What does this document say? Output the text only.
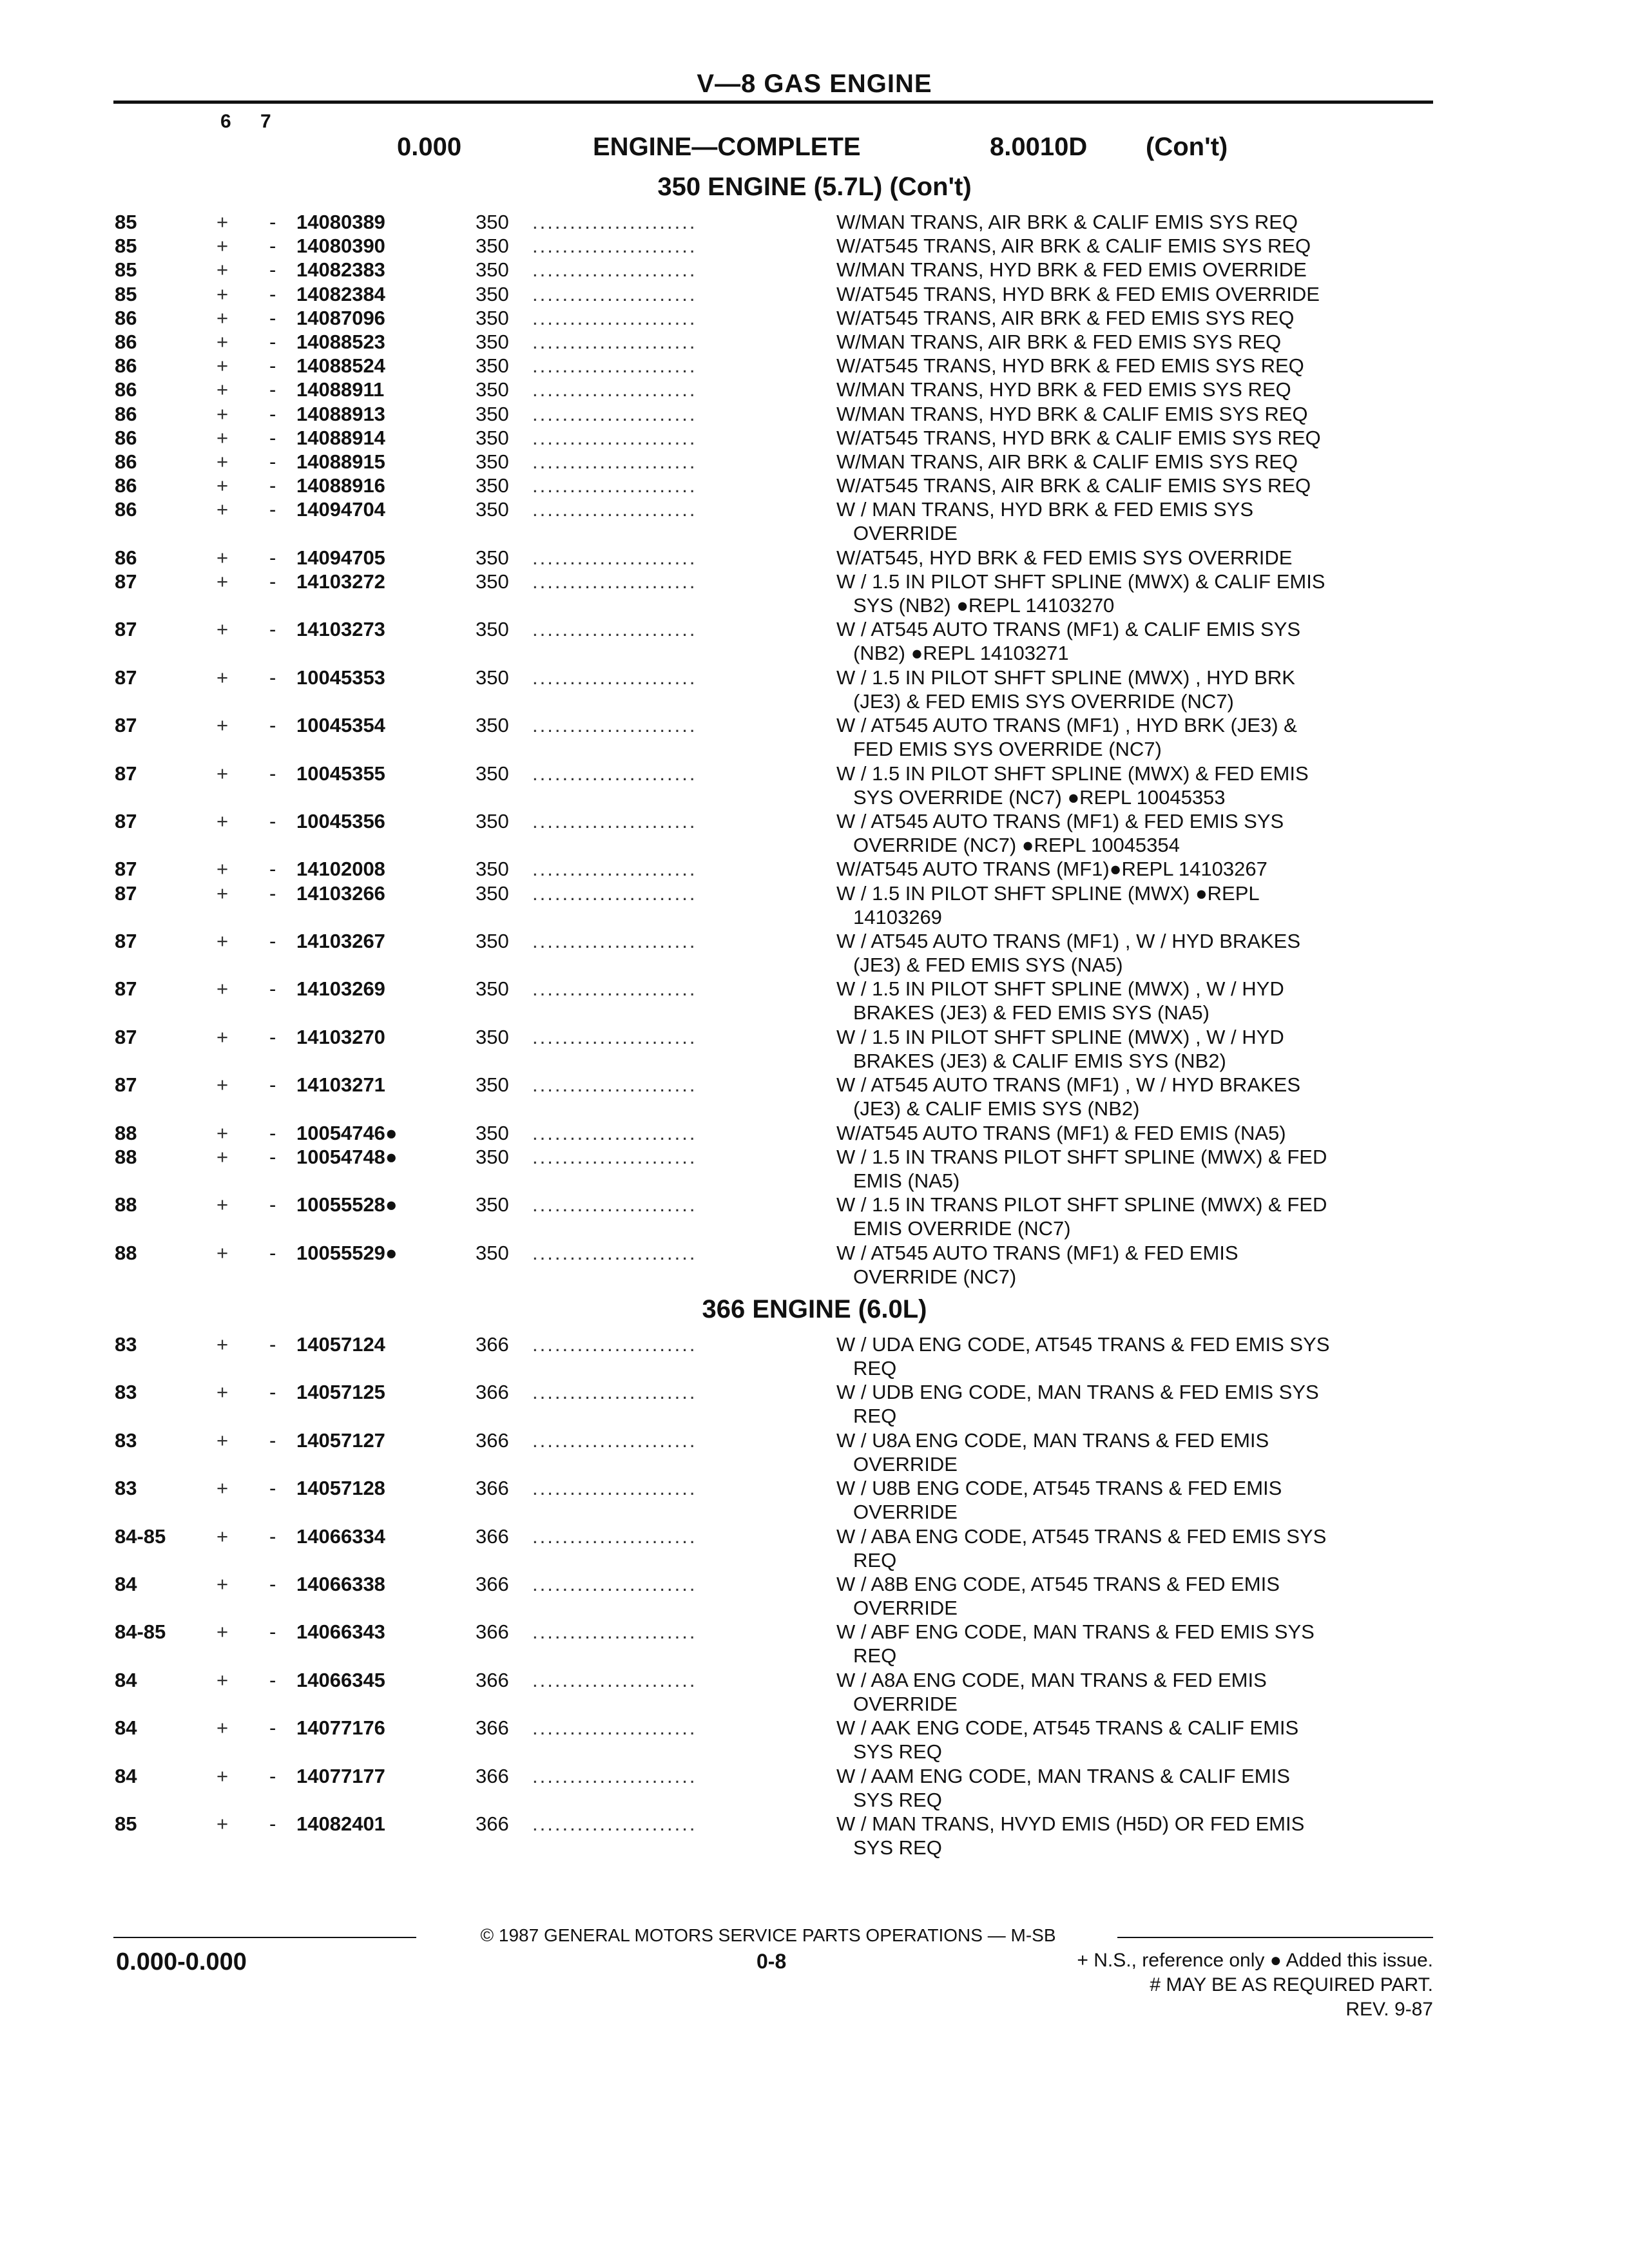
V—8 GAS ENGINE
6 7
0.000	ENGINE—COMPLETE	8.0010D (Con't)
350 ENGINE (5.7L) (Con't)
85	+ - 14080389	350 ......................	W/MAN TRANS, AIR BRK & CALIF EMIS SYS REQ
85	+ - 14080390	350 ......................	W/AT545 TRANS, AIR BRK & CALIF EMIS SYS REQ
85	+ - 14082383	350 ......................	W/MAN TRANS, HYD BRK & FED EMIS OVERRIDE
85	+ - 14082384	350 ......................	W/AT545 TRANS, HYD BRK & FED EMIS OVERRIDE
86	+ - 14087096	350 ......................	W/AT545 TRANS, AIR BRK & FED EMIS SYS REQ
86	+ - 14088523	350 ......................	W/MAN TRANS, AIR BRK & FED EMIS SYS REQ
86	+ - 14088524	350 ......................	W/AT545 TRANS, HYD BRK & FED EMIS SYS REQ
86	+ - 14088911	350 ......................	W/MAN TRANS, HYD BRK & FED EMIS SYS REQ
86	+ - 14088913	350 ......................	W/MAN TRANS, HYD BRK & CALIF EMIS SYS REQ
86	+ - 14088914	350 ......................	W/AT545 TRANS, HYD BRK & CALIF EMIS SYS REQ
86	+ - 14088915	350 ......................	W/MAN TRANS, AIR BRK & CALIF EMIS SYS REQ
86	+ - 14088916	350 ......................	W/AT545 TRANS, AIR BRK & CALIF EMIS SYS REQ
86	+ - 14094704	350 ......................	W / MAN TRANS, HYD BRK & FED EMIS SYS
OVERRIDE
86	+ - 14094705	350 ......................	W/AT545, HYD BRK & FED EMIS SYS OVERRIDE
87	+ - 14103272	350 ......................	W / 1.5 IN PILOT SHFT SPLINE (MWX) & CALIF EMIS
SYS (NB2) ●REPL 14103270
87	+ - 14103273	350 ......................	W / AT545 AUTO TRANS (MF1) & CALIF EMIS SYS
(NB2) ●REPL 14103271
87	+ - 10045353	350 ......................	W / 1.5 IN PILOT SHFT SPLINE (MWX) , HYD BRK
(JE3) & FED EMIS SYS OVERRIDE (NC7)
87	+ - 10045354	350 ......................	W / AT545 AUTO TRANS (MF1) , HYD BRK (JE3) &
FED EMIS SYS OVERRIDE (NC7)
87	+ - 10045355	350 ......................	W / 1.5 IN PILOT SHFT SPLINE (MWX) & FED EMIS
SYS OVERRIDE (NC7) ●REPL 10045353
87	+ - 10045356	350 ......................	W / AT545 AUTO TRANS (MF1) & FED EMIS SYS
OVERRIDE (NC7) ●REPL 10045354
87	+ - 14102008	350 ......................	W/AT545 AUTO TRANS (MF1)●REPL 14103267
87	+ - 14103266	350 ......................	W / 1.5 IN PILOT SHFT SPLINE (MWX) ●REPL
14103269
87	+ - 14103267	350 ......................	W / AT545 AUTO TRANS (MF1) , W / HYD BRAKES
(JE3) & FED EMIS SYS (NA5)
87	+ - 14103269	350 ......................	W / 1.5 IN PILOT SHFT SPLINE (MWX) , W / HYD
BRAKES (JE3) & FED EMIS SYS (NA5)
87	+ - 14103270	350 ......................	W / 1.5 IN PILOT SHFT SPLINE (MWX) , W / HYD
BRAKES (JE3) & CALIF EMIS SYS (NB2)
87	+ - 14103271	350 ......................	W / AT545 AUTO TRANS (MF1) , W / HYD BRAKES
(JE3) & CALIF EMIS SYS (NB2)
88	+ - 10054746●	350 ......................	W/AT545 AUTO TRANS (MF1) & FED EMIS (NA5)
88	+ - 10054748●	350 ......................	W / 1.5 IN TRANS PILOT SHFT SPLINE (MWX) & FED
EMIS (NA5)
88	+ - 10055528●	350 ......................	W / 1.5 IN TRANS PILOT SHFT SPLINE (MWX) & FED
EMIS OVERRIDE (NC7)
88	+ - 10055529●	350 ......................	W / AT545 AUTO TRANS (MF1) & FED EMIS
OVERRIDE (NC7)
366 ENGINE (6.0L)
83	+ - 14057124	366 ......................	W / UDA ENG CODE, AT545 TRANS & FED EMIS SYS
REQ
83	+ - 14057125	366 ......................	W / UDB ENG CODE, MAN TRANS & FED EMIS SYS
REQ
83	+ - 14057127	366 ......................	W / U8A ENG CODE, MAN TRANS & FED EMIS
OVERRIDE
83	+ - 14057128	366 ......................	W / U8B ENG CODE, AT545 TRANS & FED EMIS
OVERRIDE
84-85	+ - 14066334	366 ......................	W / ABA ENG CODE, AT545 TRANS & FED EMIS SYS
REQ
84	+ - 14066338	366 ......................	W / A8B ENG CODE, AT545 TRANS & FED EMIS
OVERRIDE
84-85	+ - 14066343	366 ......................	W / ABF ENG CODE, MAN TRANS & FED EMIS SYS
REQ
84	+ - 14066345	366 ......................	W / A8A ENG CODE, MAN TRANS & FED EMIS
OVERRIDE
84	+ - 14077176	366 ......................	W / AAK ENG CODE, AT545 TRANS & CALIF EMIS
SYS REQ
84	+ - 14077177	366 ......................	W / AAM ENG CODE, MAN TRANS & CALIF EMIS
SYS REQ
85	+ - 14082401	366 ......................	W / MAN TRANS, HVYD EMIS (H5D) OR FED EMIS
SYS REQ
© 1987 GENERAL MOTORS SERVICE PARTS OPERATIONS — M-SB
0.000-0.000	0-8	+ N.S., reference only ● Added this issue.
# MAY BE AS REQUIRED PART.
REV. 9-87
